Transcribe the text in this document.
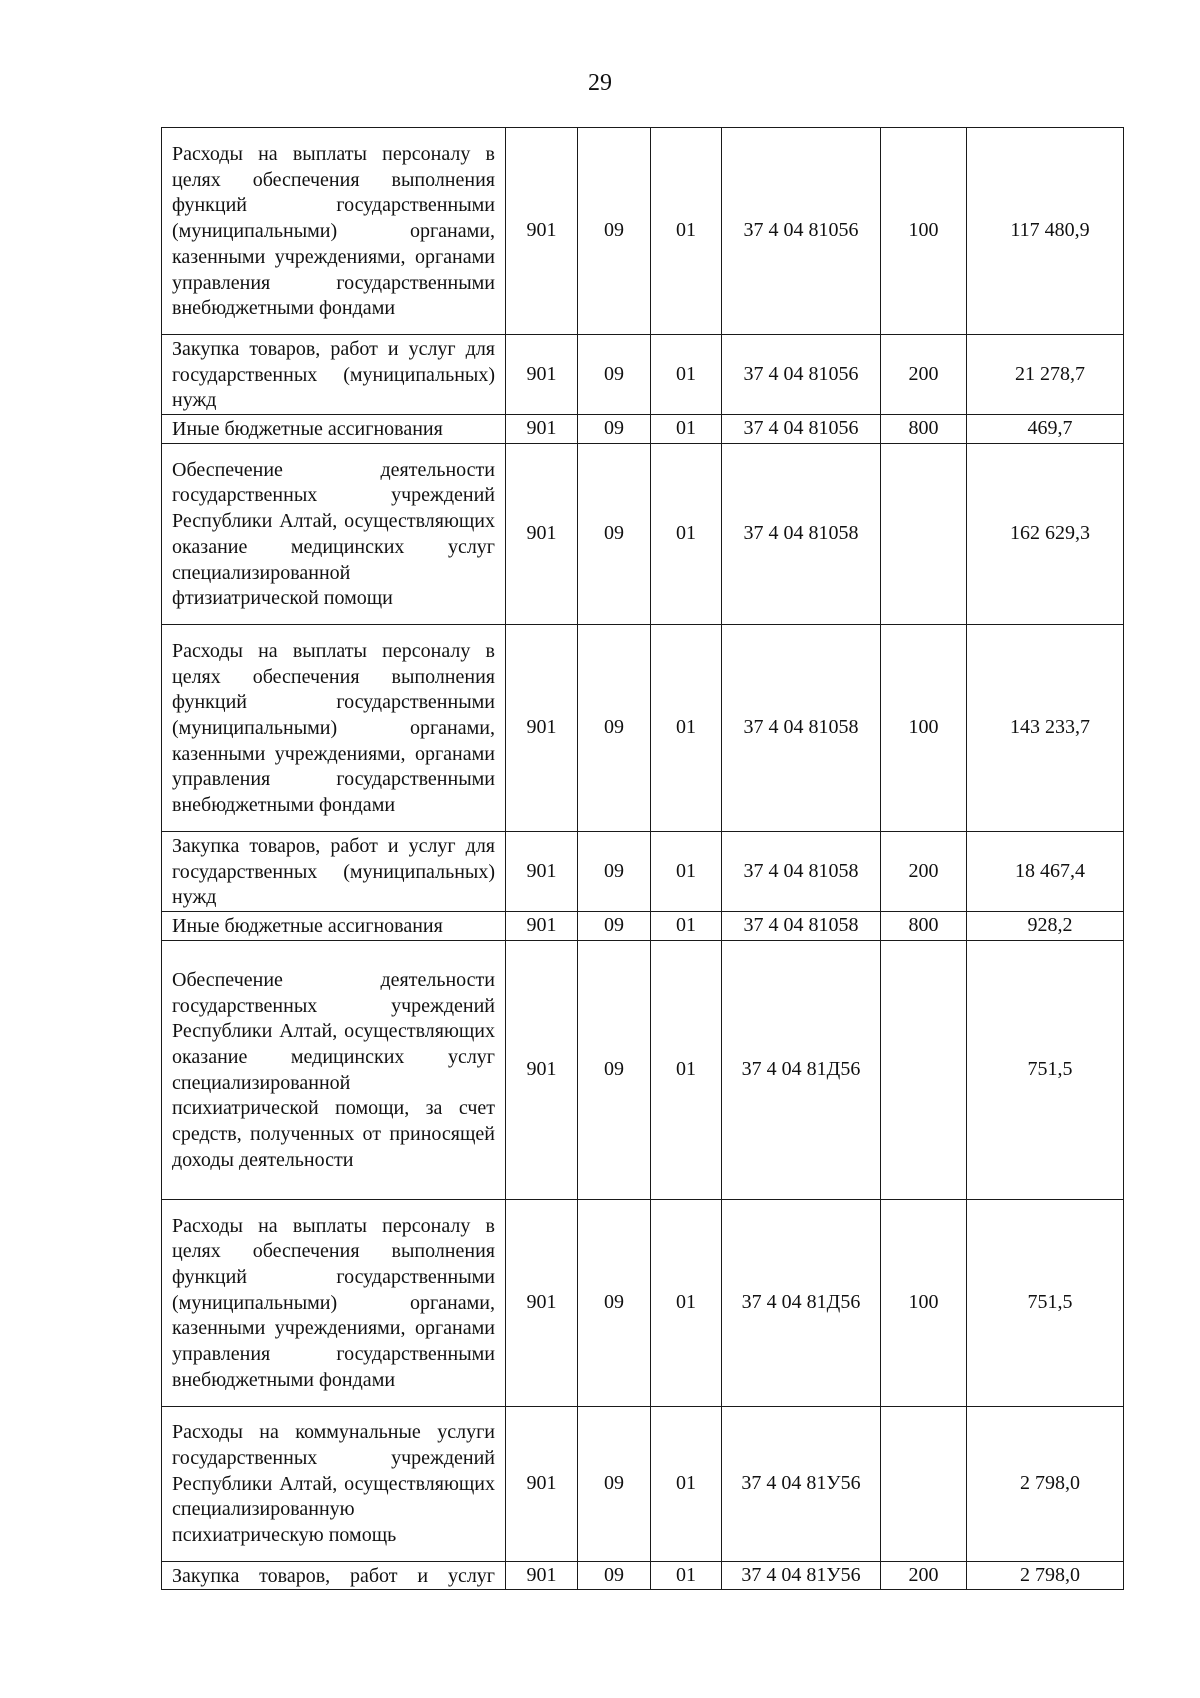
29
Расходы на выплаты персоналу в целях обеспечения выполнения функций государственными (муниципальными) органами, казенными учреждениями, органами управления государственными внебюджетными фондами	901	09	01	37 4 04 81056	100	117 480,9
Закупка товаров, работ и услуг для государственных (муниципальных) нужд	901	09	01	37 4 04 81056	200	21 278,7
Иные бюджетные ассигнования	901	09	01	37 4 04 81056	800	469,7
Обеспечение деятельности государственных учреждений Республики Алтай, осуществляющих оказание медицинских услуг специализированной фтизиатрической помощи	901	09	01	37 4 04 81058		162 629,3
Расходы на выплаты персоналу в целях обеспечения выполнения функций государственными (муниципальными) органами, казенными учреждениями, органами управления государственными внебюджетными фондами	901	09	01	37 4 04 81058	100	143 233,7
Закупка товаров, работ и услуг для государственных (муниципальных) нужд	901	09	01	37 4 04 81058	200	18 467,4
Иные бюджетные ассигнования	901	09	01	37 4 04 81058	800	928,2
Обеспечение деятельности государственных учреждений Республики Алтай, осуществляющих оказание медицинских услуг специализированной психиатрической помощи, за счет средств, полученных от приносящей доходы деятельности	901	09	01	37 4 04 81Д56		751,5
Расходы на выплаты персоналу в целях обеспечения выполнения функций государственными (муниципальными) органами, казенными учреждениями, органами управления государственными внебюджетными фондами	901	09	01	37 4 04 81Д56	100	751,5
Расходы на коммунальные услуги государственных учреждений Республики Алтай, осуществляющих специализированную психиатрическую помощь	901	09	01	37 4 04 81У56		2 798,0
Закупка товаров, работ и услуг	901	09	01	37 4 04 81У56	200	2 798,0
